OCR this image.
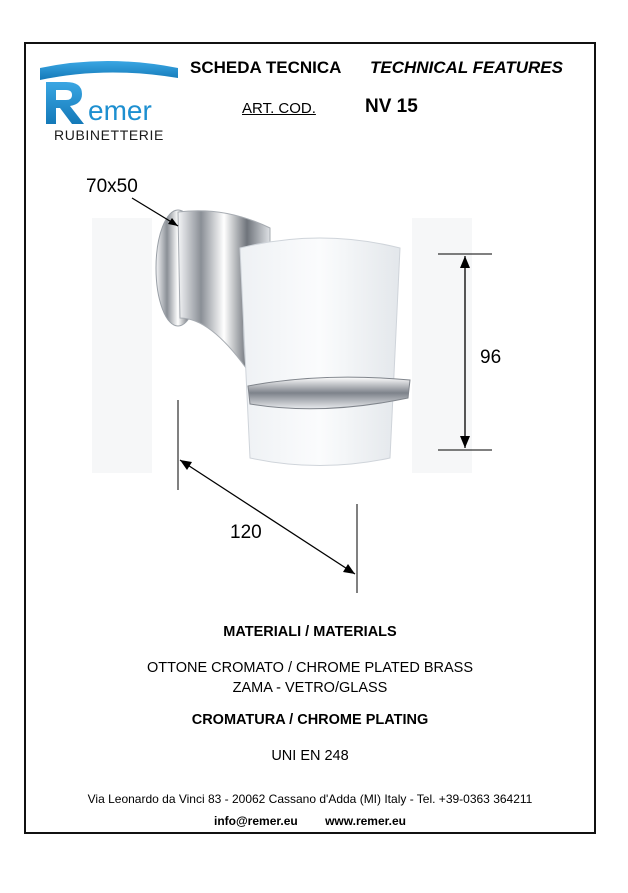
emer
RUBINETTERIE
SCHEDA TECNICA TECHNICAL FEATURES
ART. COD.	NV 15
70x50
96
120
MATERIALI / MATERIALS
OTTONE CROMATO / CHROME PLATED BRASS
ZAMA - VETRO/GLASS
CROMATURA / CHROME PLATING
UNI EN 248
Via Leonardo da Vinci 83 - 20062 Cassano d'Adda (MI) Italy - Tel. +39-0363 364211
info@remer.eu www.remer.eu
